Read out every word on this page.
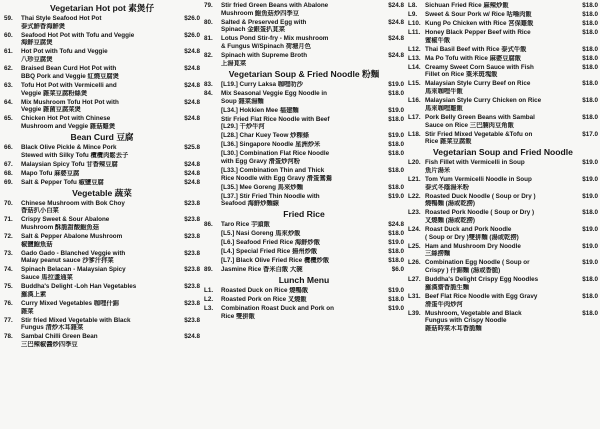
Vegetarian Hot pot 素煲仔
59.	Thai Style Seafood Hot Pot
泰式鮮香海鮮煲
$26.0
60.	Seafood Hot Pot with Tofu and Veggie
海鮮豆腐煲
$26.0
61.	Hot Pot with Tofu and Veggie
八珍豆腐煲
$24.8
62.	Braised Bean Curd Hot Pot with
BBQ Pork and Veggie 紅燒豆腐煲
$24.8
63.	Tofu Hot Pot with Vermicelli and
Veggie 雜菜豆腐粉絲煲
$24.8
64.	Mix Mushroom Tofu Hot Pot with
Veggie 雜菌豆腐菜煲
$24.8
65.	Chicken Hot Pot with Chinese
Mushroom and Veggie 雜菇雞煲
$24.8
Bean Curd 豆腐
66.	Black Olive Pickle & Mince Pork
Stewed with Silky Tofu 欖欖肉鬆去子
$25.8
67.	Malaysian Spicy Tofu 甘香辣豆腐	$24.8
68.	Mapo Tofu 麻婆豆腐	$24.8
69.	Salt & Pepper Tofu 椒鹽豆腐	$24.8
Vegetable 蔬菜
70.	Chinese Mushroom with Bok Choy
香菇扒小白菜
$23.8
71.	Crispy Sweet & Sour Abalone
Mushroom 酥脆甜酸鮑魚菇
$23.8
72.	Salt & Pepper Abalone Mushroom
椒鹽鮑魚菇
$23.8
73.	Gado Gado - Blanched Veggie with
Malay peanut sauce 沙爹汁拌菜
$23.8
74.	Spinach Belacan - Malaysian Spicy
Sauce 馬拉盞通菜
$23.8
75.	Buddha's Delight -Loh Han Vegetables
羅漢上素
$23.8
76.	Curry Mixed Vegetables 咖哩什錦
雜菜
$23.8
77.	Stir fried Mixed Vegetable with Black
Fungus 清炒木耳雜菜
$23.8
78.	Sambal Chilli Green Bean
三巴辣椒醬炒四季豆
$24.8
79.	Stir fried Green Beans with Abalone
Mushroom 鮑魚菇炒四季豆
$24.8
80.	Salted & Preserved Egg with
Spinach 金銀蛋扒莧菜
$24.8
81.	Lotus Pond Stir-fry - Mix mushroom
& Fungus W/Spinach 荷塘月色
$24.8
82.	Spinach with Supreme Broth
上湯莧菜
$24.8
Vegetarian Soup & Fried Noodle 粉麵
83.	[L19.] Curry Laksa 咖哩叻沙	$19.0
84.	Mix Seasonal Veggie Egg Noodle in
Soup 雜菜湯麵
$18.0
[L34.] Hokkien Mee 福建麵	$19.0
Stir Fried Flat Rice Noodle with Beef
[L29.] 干炒牛河
$18.0
[L28.] Char Kuey Teow 炒粿條	$19.0
[L36.] Singapore Noodle 星洲炒米	$18.0
[L30.] Combination Flat Rice Noodle
with Egg Gravy 滑蛋炒河粉
$18.0
[L33.] Combination Thin and Thick
Rice Noodle with Egg Gravy 滑蛋鴛鴦
$18.0
[L35.] Mee Goreng 馬來炒麵	$18.0
[L37.] Stir Fried Thin Noodle with
Seafood 海鮮炒麵線
$19.0
Fried Rice
86.	Taro Rice 芋頭飯	$24.8
[L5.] Nasi Goreng 馬來炒飯	$18.0
[L6.] Seafood Fried Rice 海鮮炒飯	$19.0
[L4.] Special Fried Rice 揚州炒飯	$18.0
[L7.] Black Olive Fried Rice 欖欖炒飯	$18.0
89.	Jasmine Rice 香米白飯 大碗	$6.0
Lunch Menu
L1.	Roasted Duck on Rice 燒鴨飯	$19.0
L2.	Roasted Pork on Rice 叉燒飯	$18.0
L3.	Combination Roast Duck and Pork on
Rice 雙拼飯
$19.0
L8.	Sichuan Fried Rice 麻辣炒飯	$18.0
L9.	Sweet & Sour Pork w/ Rice 咕嚕肉飯	$18.0
L10. Kung Po Chicken with Rice 宮保雞飯	$18.0
L11. Honey Black Pepper Beef with Rice
蜜椒牛飯
$18.0
L12. Thai Basil Beef with Rice 泰式牛飯	$18.0
L13. Ma Po Tofu with Rice 麻婆豆腐飯	$18.0
L14. Creamy Sweet Corn Sauce with Fish
Fillet on Rice 粟米斑塊飯
$18.0
L15. Malaysian Style Curry Beef on Rice
馬來咖哩牛飯
$18.0
L16. Malaysian Style Curry Chicken on Rice
馬來咖哩雞飯
$18.0
L17. Pork Belly Green Beans with Sambal
Sauce on Rice 三巴腩肉豆角飯
$18.0
L18. Stir Fried Mixed Vegetable &Tofu on
Rice 雜菜豆腐飯
$17.0
Vegetarian Soup and Fried Noodle
L20. Fish Fillet with Vermicelli in Soup
魚片湯米
$19.0
L21. Tom Yum Vermicelli Noodle in Soup
泰式冬蔭湯米粉
$19.0
L22. Roasted Duck Noodle ( Soup or Dry )
燒鴨麵 (湯或乾撈)
$19.0
L23. Roasted Pork Noodle ( Soup or Dry )
叉燒麵 (湯或乾撈)
$18.0
L24. Roast Duck and Pork Noodle
( Soup or Dry )雙拼麵 (湯或乾撈)
$19.0
L25. Ham and Mushroom Dry Noodle
三絲撈麵
$19.0
L26. Combination Egg Noodle ( Soup or
Crispy ) 什錦麵 (湯或香脆)
$19.0
L27. Buddha's Delight Crispy Egg Noodles
羅漢齋香脆生麵
$18.0
L31. Beef Flat Rice Noodle with Egg Gravy
滑蛋牛肉炒河
$18.0
L39. Mushroom, Vegetable and Black
Fungus with Crispy Noodle
雜菇時菜木耳香脆麵
$18.0
